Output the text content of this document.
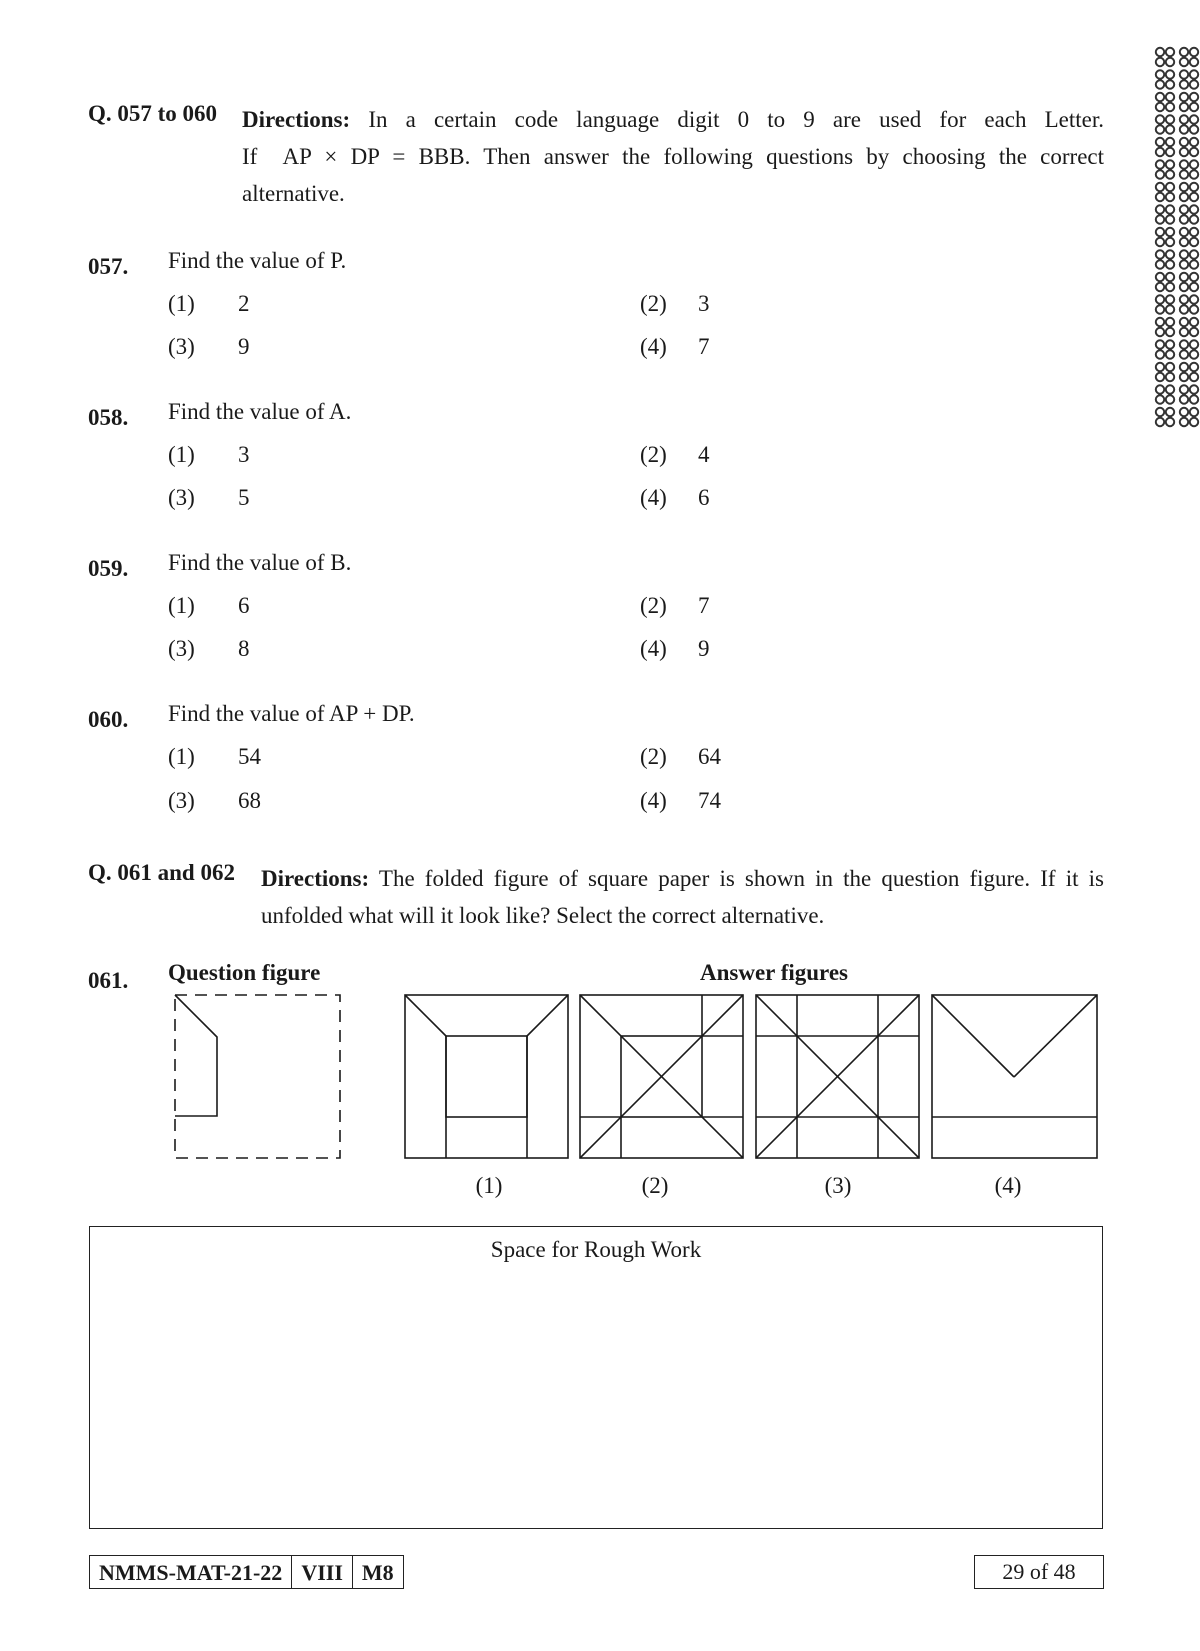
Q. 057 to 060 Directions: In a certain code language digit 0 to 9 are used for each Letter.
If  AP × DP = BBB. Then answer the following questions by choosing the correct
alternative.
057. Find the value of P.
(1) 2	(2) 3
(3) 9	(4) 7
058. Find the value of A.
(1) 3	(2) 4
(3) 5	(4) 6
059. Find the value of B.
(1) 6	(2) 7
(3) 8	(4) 9
060. Find the value of AP + DP.
(1) 54	(2) 64
(3) 68	(4) 74
Q. 061 and 062 Directions: The folded figure of square paper is shown in the question figure. If it is
unfolded what will it look like? Select the correct alternative.
061. Question figure	Answer figures
(1)	(2)	(3)	(4)
Space for Rough Work
NMMS-MAT-21-22 VIII M8	29 of 48
